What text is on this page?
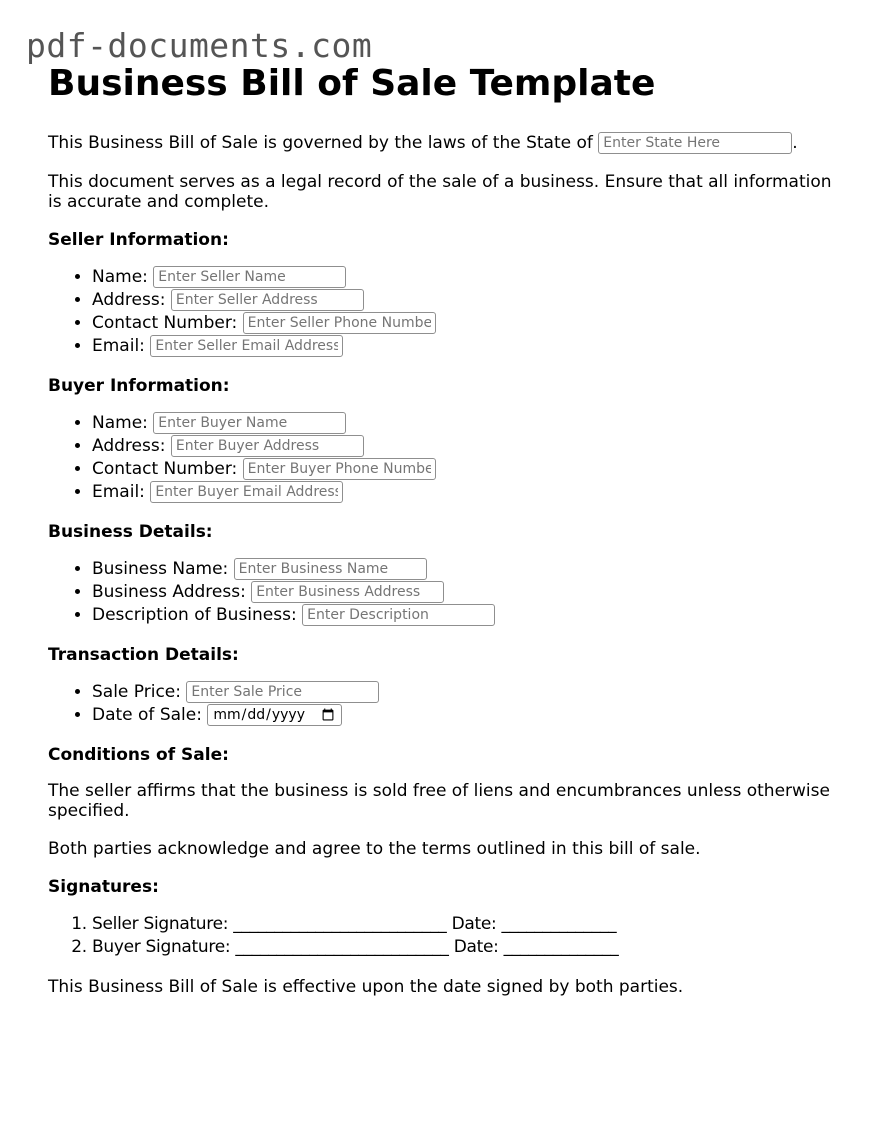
pdf-documents.com
Business Bill of Sale Template

This Business Bill of Sale is governed by the laws of the State of Enter State Here	.

This document serves as a legal record of the sale of a business. Ensure that all information is accurate and complete.

Seller Information:
• Name: Enter Seller Name
• Address: Enter Seller Address
• Contact Number: Enter Seller Phone Number
• Email: Enter Seller Email Address
Buyer Information:
• Name: Enter Buyer Name
• Address: Enter Buyer Address
• Contact Number: Enter Buyer Phone Number
• Email: Enter Buyer Email Address
Business Details:
• Business Name: Enter Business Name
• Business Address: Enter Business Address
• Description of Business: Enter Description
Transaction Details:
• Sale Price: Enter Sale Price
• Date of Sale:
Conditions of Sale:

The seller affirms that the business is sold free of liens and encumbrances unless otherwise specified.

Both parties acknowledge and agree to the terms outlined in this bill of sale.

Signatures:
1. Seller Signature: __________________________ Date: ______________
2. Buyer Signature: __________________________ Date: ______________

This Business Bill of Sale is effective upon the date signed by both parties.
